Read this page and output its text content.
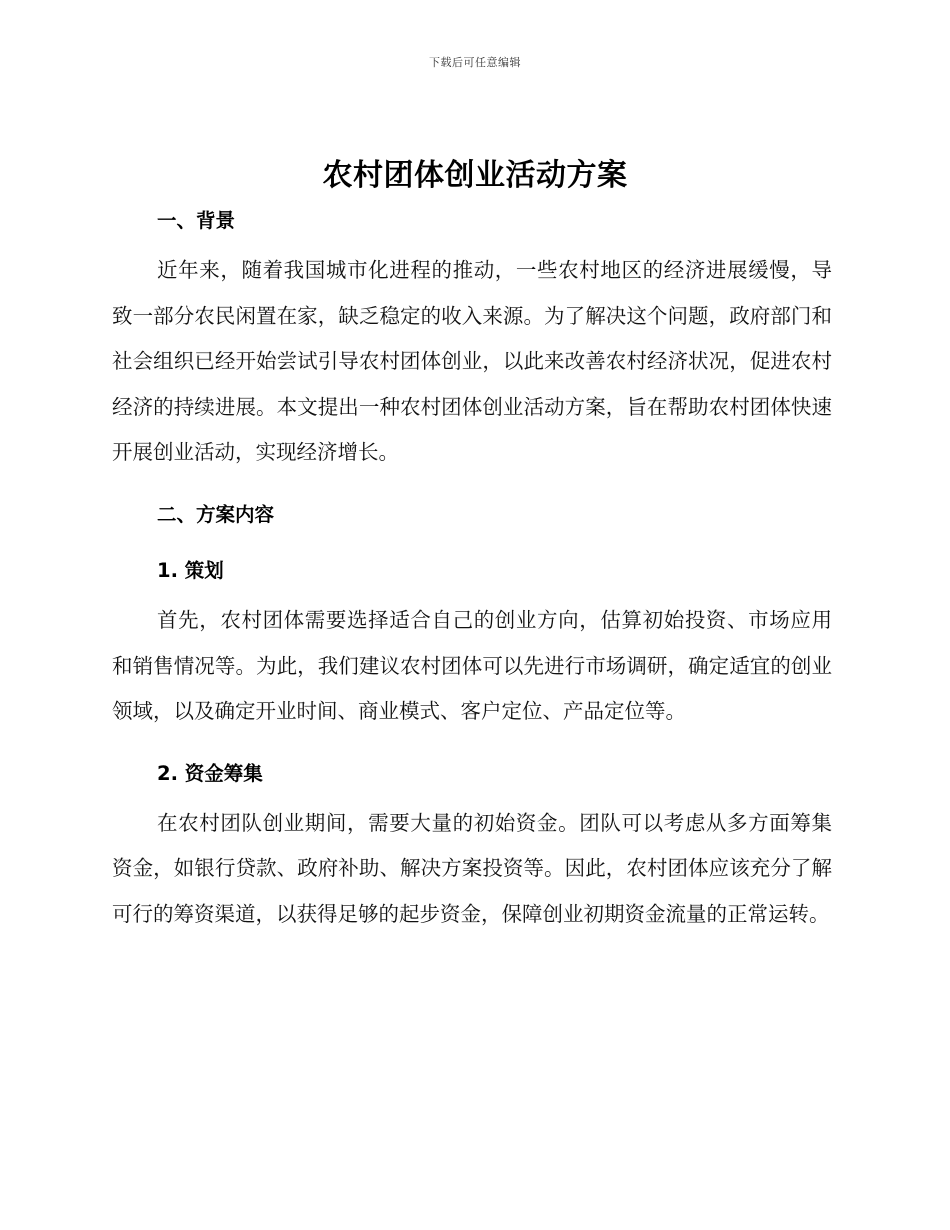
下载后可任意编辑
农村团体创业活动方案
一、背景

近年来，随着我国城市化进程的推动，一些农村地区的经济进展缓慢，导致一部分农民闲置在家，缺乏稳定的收入来源。为了解决这个问题，政府部门和社会组织已经开始尝试引导农村团体创业，以此来改善农村经济状况，促进农村经济的持续进展。本文提出一种农村团体创业活动方案，旨在帮助农村团体快速开展创业活动，实现经济增长。

二、方案内容
1. 策划

首先，农村团体需要选择适合自己的创业方向，估算初始投资、市场应用和销售情况等。为此，我们建议农村团体可以先进行市场调研，确定适宜的创业领域，以及确定开业时间、商业模式、客户定位、产品定位等。

2. 资金筹集

在农村团队创业期间，需要大量的初始资金。团队可以考虑从多方面筹集资金，如银行贷款、政府补助、解决方案投资等。因此，农村团体应该充分了解可行的筹资渠道，以获得足够的起步资金，保障创业初期资金流量的正常运转。
